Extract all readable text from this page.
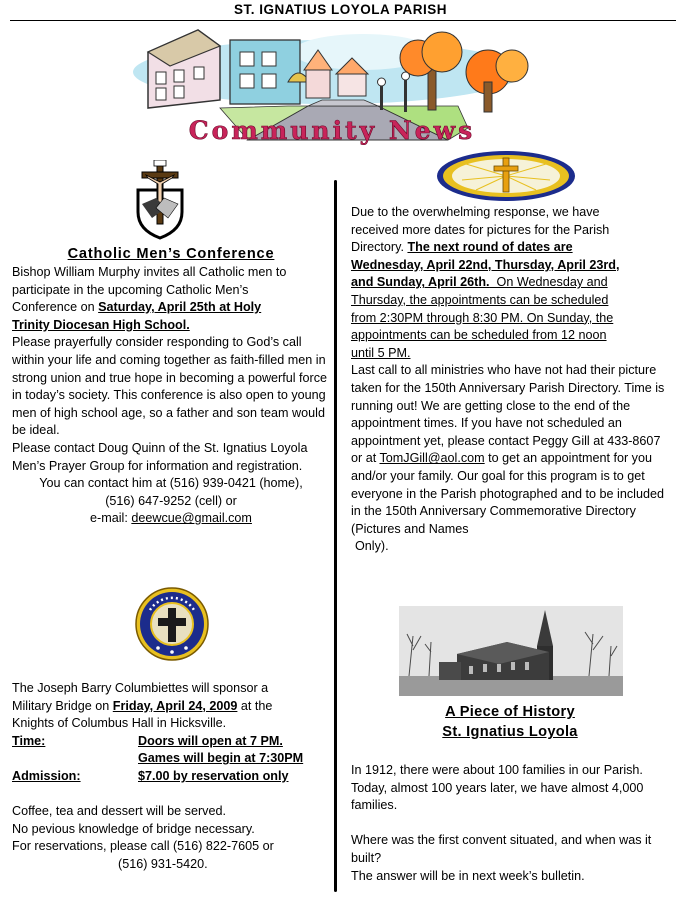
ST. IGNATIUS LOYOLA PARISH
Community News
Catholic Men’s Conference
Bishop William Murphy invites all Catholic men to
participate in the upcoming Catholic Men’s
Conference on Saturday, April 25th at Holy
Trinity Diocesan High School.
Please prayerfully consider responding to God’s call within your life and coming together as faith-filled men in strong union and true hope in becoming a powerful force in today’s society. This conference is also open to young men of high school age, so a father and son team would be ideal.
Please contact Doug Quinn of the St. Ignatius Loyola Men’s Prayer Group for information and registration.
You can contact him at (516) 939-0421 (home),
(516) 647-9252 (cell) or
e-mail: deewcue@gmail.com
The Joseph Barry Columbiettes will sponsor a
Military Bridge on Friday, April 24, 2009 at the
Knights of Columbus Hall in Hicksville.
Time:	Doors will open at 7 PM.
Games will begin at 7:30PM
Admission:	$7.00 by reservation only
Coffee, tea and dessert will be served.
No pevious knowledge of bridge necessary.
For reservations, please call (516) 822-7605 or
(516) 931-5420.
Due to the overwhelming response, we have
received more dates for pictures for the Parish
Directory. The next round of dates are
Wednesday, April 22nd, Thursday, April 23rd,
and Sunday, April 26th.  On Wednesday and
Thursday, the appointments can be scheduled
from 2:30PM through 8:30 PM. On Sunday, the
appointments can be scheduled from 12 noon
until 5 PM.
Last call to all ministries who have not had their picture taken for the 150th Anniversary Parish Directory. Time is running out! We are getting close to the end of the appointment times. If you have not scheduled an appointment yet, please contact Peggy Gill at 433-8607 or at TomJGill@aol.com to get an appointment for you and/or your family. Our goal for this program is to get everyone in the Parish photographed and to be included in the 150th Anniversary Commemorative Directory (Pictures and Names
Only).
A Piece of History
St. Ignatius Loyola
In 1912, there were about 100 families in our Parish. Today, almost 100 years later, we have almost 4,000 families.
Where was the first convent situated, and when was it built?
The answer will be in next week’s bulletin.
